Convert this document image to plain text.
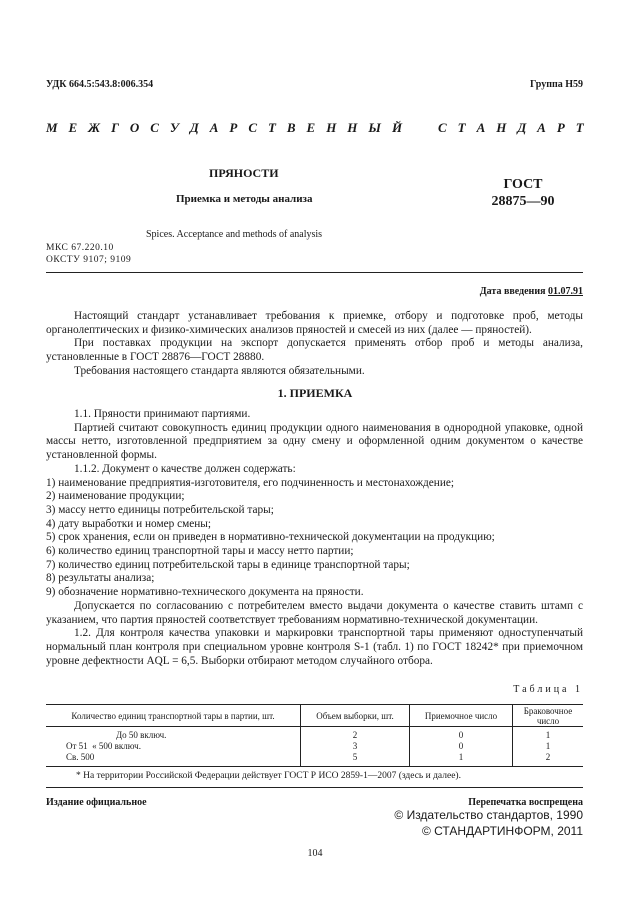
УДК 664.5:543.8:006.354	Группа Н59
М Е Ж Г О С У Д А Р С Т В Е Н Н Ы Й	С Т А Н Д А Р Т
ПРЯНОСТИ
Приемка и методы анализа
ГОСТ
28875—90
Spices. Acceptance and methods of analysis
МКС 67.220.10
ОКСТУ 9107; 9109
Дата введения 01.07.91
Настоящий стандарт устанавливает требования к приемке, отбору и подготовке проб, методы органолептических и физико-химических анализов пряностей и смесей из них (далее — пряностей).
При поставках продукции на экспорт допускается применять отбор проб и методы анализа, установленные в ГОСТ 28876—ГОСТ 28880.
Требования настоящего стандарта являются обязательными.
1. ПРИЕМКА
1.1. Пряности принимают партиями.
Партией считают совокупность единиц продукции одного наименования в однородной упаковке, одной массы нетто, изготовленной предприятием за одну смену и оформленной одним документом о качестве установленной формы.
1.1.2. Документ о качестве должен содержать:
1) наименование предприятия-изготовителя, его подчиненность и местонахождение;
2) наименование продукции;
3) массу нетто единицы потребительской тары;
4) дату выработки и номер смены;
5) срок хранения, если он приведен в нормативно-технической документации на продукцию;
6) количество единиц транспортной тары и массу нетто партии;
7) количество единиц потребительской тары в единице транспортной тары;
8) результаты анализа;
9) обозначение нормативно-технического документа на пряности.
Допускается по согласованию с потребителем вместо выдачи документа о качестве ставить штамп с указанием, что партия пряностей соответствует требованиям нормативно-технической документации.
1.2. Для контроля качества упаковки и маркировки транспортной тары применяют одноступенчатый нормальный план контроля при специальном уровне контроля S-1 (табл. 1) по ГОСТ 18242* при приемочном уровне дефектности AQL = 6,5. Выборки отбирают методом случайного отбора.
Таблица 1
Количество единиц транспортной тары в партии, шт.	Объем выборки, шт.	Приемочное число	Браковочное число
До 50 включ.	2	0	1
От 51  « 500 включ.	3	0	1
Св. 500	5	1	2
* На территории Российской Федерации действует ГОСТ Р ИСО 2859-1—2007 (здесь и далее).
Издание официальное	Перепечатка воспрещена
© Издательство стандартов, 1990
© СТАНДАРТИНФОРМ, 2011
104
